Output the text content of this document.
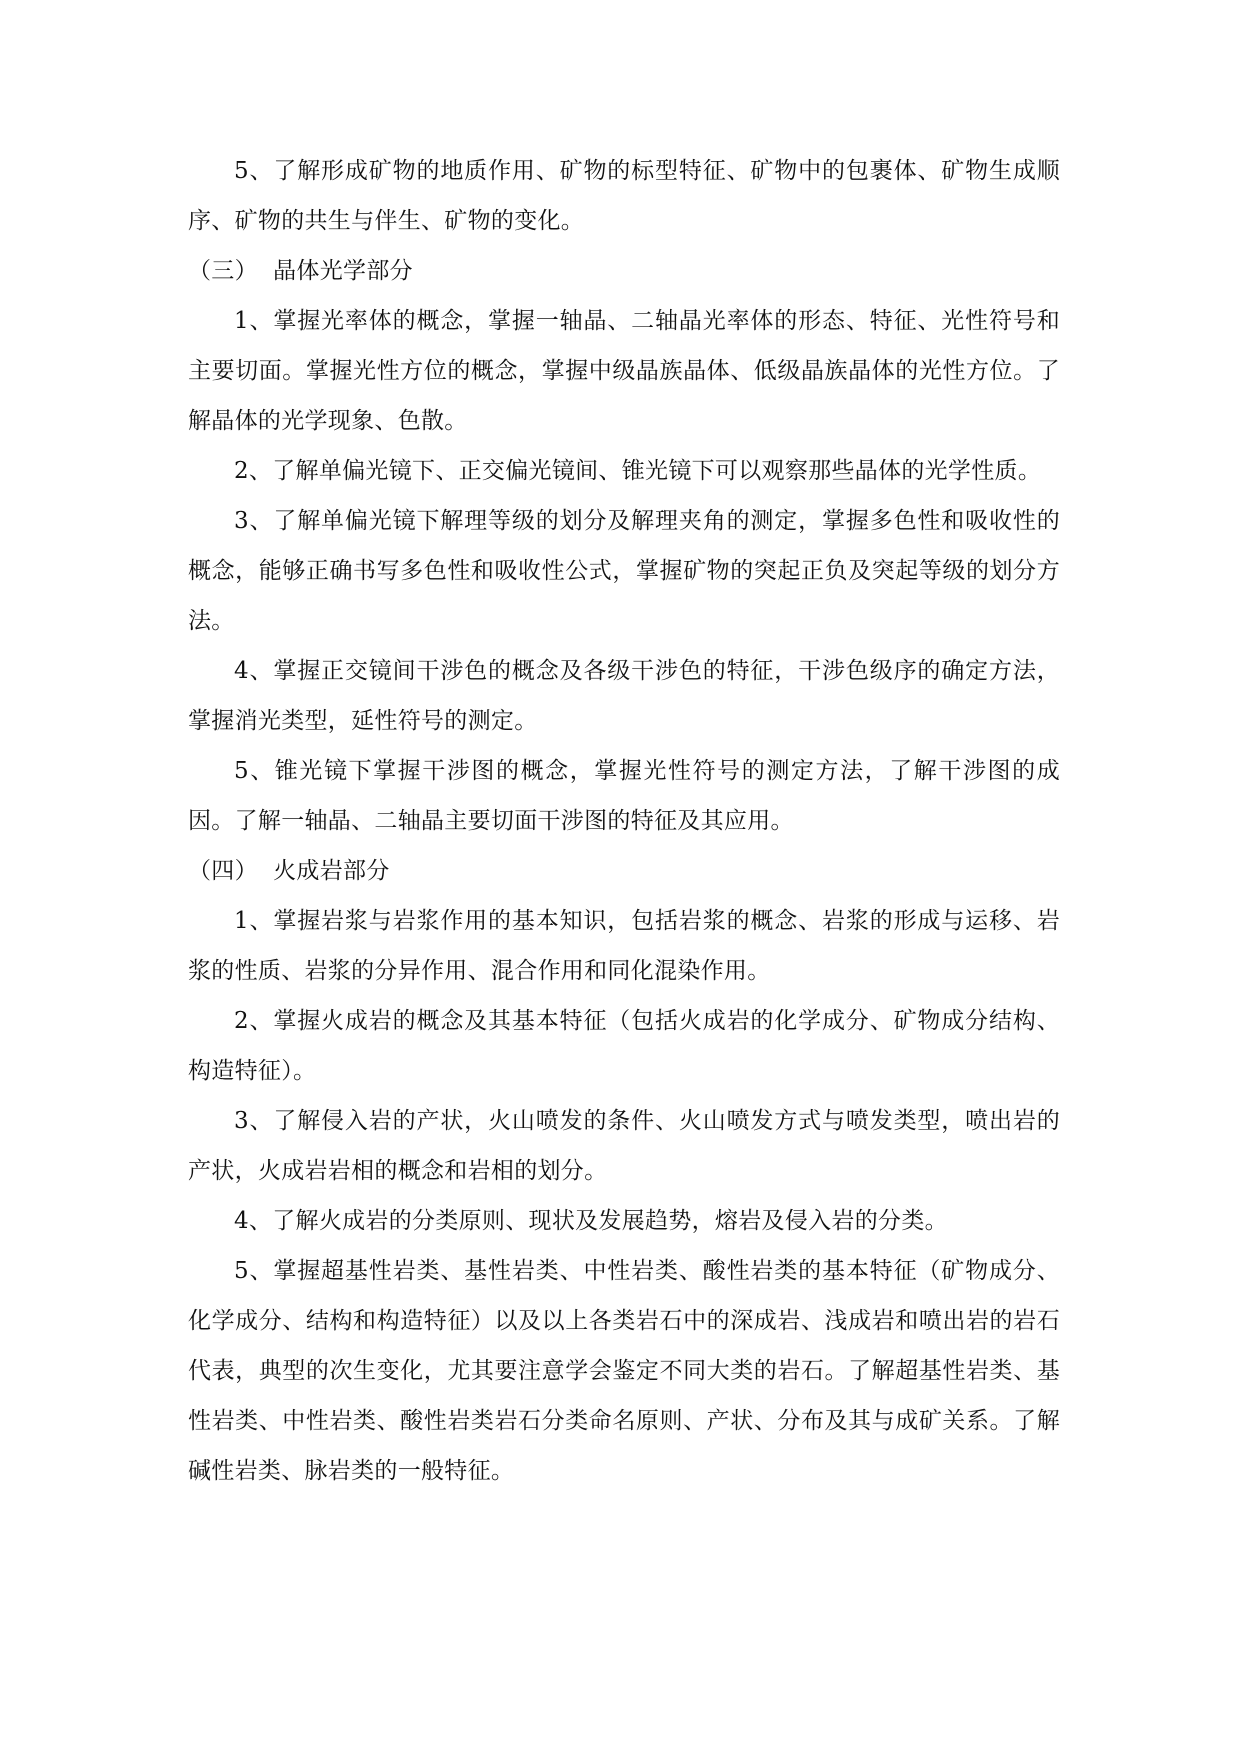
5、了解形成矿物的地质作用、矿物的标型特征、矿物中的包裹体、矿物生成顺序、矿物的共生与伴生、矿物的变化。

（三）  晶体光学部分

1、掌握光率体的概念，掌握一轴晶、二轴晶光率体的形态、特征、光性符号和主要切面。掌握光性方位的概念，掌握中级晶族晶体、低级晶族晶体的光性方位。了解晶体的光学现象、色散。

2、了解单偏光镜下、正交偏光镜间、锥光镜下可以观察那些晶体的光学性质。

3、了解单偏光镜下解理等级的划分及解理夹角的测定，掌握多色性和吸收性的概念，能够正确书写多色性和吸收性公式，掌握矿物的突起正负及突起等级的划分方法。

4、掌握正交镜间干涉色的概念及各级干涉色的特征，干涉色级序的确定方法，掌握消光类型，延性符号的测定。

5、锥光镜下掌握干涉图的概念，掌握光性符号的测定方法，了解干涉图的成因。了解一轴晶、二轴晶主要切面干涉图的特征及其应用。

（四）  火成岩部分

1、掌握岩浆与岩浆作用的基本知识，包括岩浆的概念、岩浆的形成与运移、岩浆的性质、岩浆的分异作用、混合作用和同化混染作用。

2、掌握火成岩的概念及其基本特征（包括火成岩的化学成分、矿物成分结构、构造特征）。

3、了解侵入岩的产状，火山喷发的条件、火山喷发方式与喷发类型，喷出岩的产状，火成岩岩相的概念和岩相的划分。

4、了解火成岩的分类原则、现状及发展趋势，熔岩及侵入岩的分类。

5、掌握超基性岩类、基性岩类、中性岩类、酸性岩类的基本特征（矿物成分、化学成分、结构和构造特征）以及以上各类岩石中的深成岩、浅成岩和喷出岩的岩石代表，典型的次生变化，尤其要注意学会鉴定不同大类的岩石。了解超基性岩类、基性岩类、中性岩类、酸性岩类岩石分类命名原则、产状、分布及其与成矿关系。了解碱性岩类、脉岩类的一般特征。
